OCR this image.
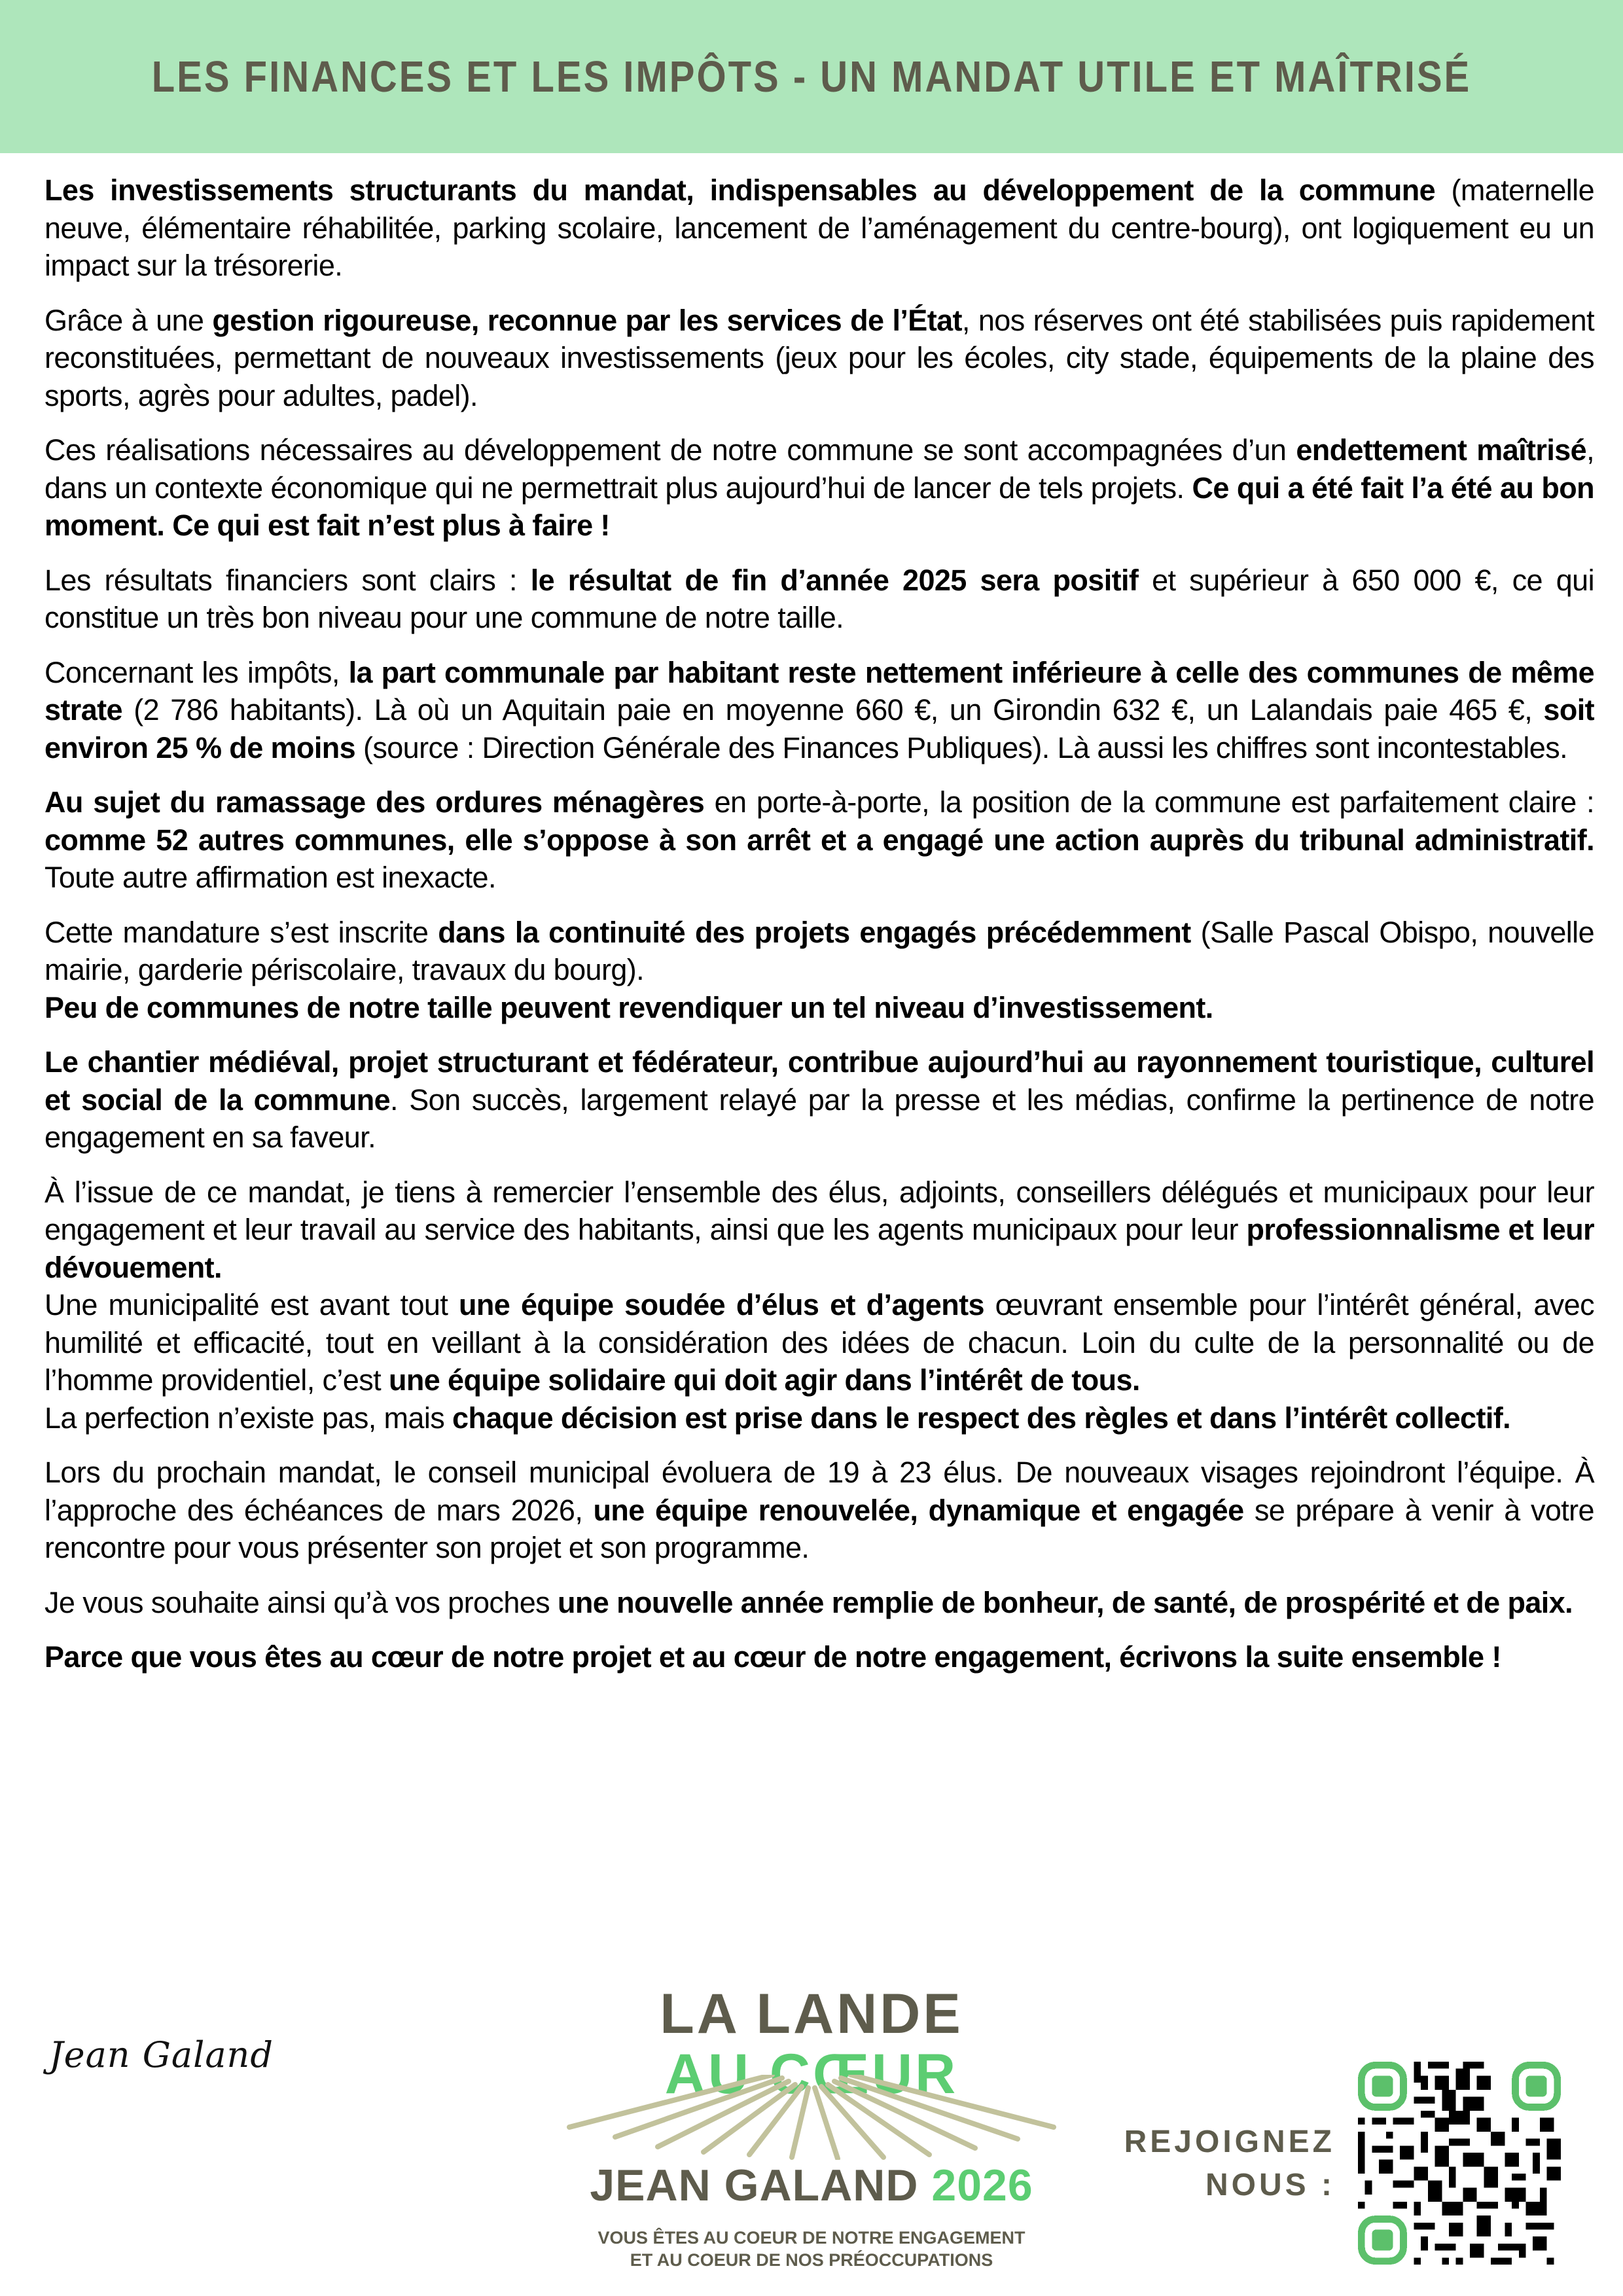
LES FINANCES ET LES IMPÔTS - UN MANDAT UTILE ET MAÎTRISÉ

Les investissements structurants du mandat, indispensables au développement de la commune (maternelle neuve, élémentaire réhabilitée, parking scolaire, lancement de l’aménagement du centre-bourg), ont logiquement eu un impact sur la trésorerie.

Grâce à une gestion rigoureuse, reconnue par les services de l’État, nos réserves ont été stabilisées puis rapidement reconstituées, permettant de nouveaux investissements (jeux pour les écoles, city stade, équipements de la plaine des sports, agrès pour adultes, padel).

Ces réalisations nécessaires au développement de notre commune se sont accompagnées d’un endettement maîtrisé, dans un contexte économique qui ne permettrait plus aujourd’hui de lancer de tels projets. Ce qui a été fait l’a été au bon moment. Ce qui est fait n’est plus à faire !

Les résultats financiers sont clairs : le résultat de fin d’année 2025 sera positif et supérieur à 650 000 €, ce qui constitue un très bon niveau pour une commune de notre taille.

Concernant les impôts, la part communale par habitant reste nettement inférieure à celle des communes de même strate (2 786 habitants). Là où un Aquitain paie en moyenne 660 €, un Girondin 632 €, un Lalandais paie 465 €, soit environ 25 % de moins (source : Direction Générale des Finances Publiques). Là aussi les chiffres sont incontestables.

Au sujet du ramassage des ordures ménagères en porte-à-porte, la position de la commune est parfaitement claire : comme 52 autres communes, elle s’oppose à son arrêt et a engagé une action auprès du tribunal administratif. Toute autre affirmation est inexacte.

Cette mandature s’est inscrite dans la continuité des projets engagés précédemment (Salle Pascal Obispo, nouvelle mairie, garderie périscolaire, travaux du bourg).
Peu de communes de notre taille peuvent revendiquer un tel niveau d’investissement.

Le chantier médiéval, projet structurant et fédérateur, contribue aujourd’hui au rayonnement touristique, culturel et social de la commune. Son succès, largement relayé par la presse et les médias, confirme la pertinence de notre engagement en sa faveur.

À l’issue de ce mandat, je tiens à remercier l’ensemble des élus, adjoints, conseillers délégués et municipaux pour leur engagement et leur travail au service des habitants, ainsi que les agents municipaux pour leur professionnalisme et leur dévouement.

Une municipalité est avant tout une équipe soudée d’élus et d’agents œuvrant ensemble pour l’intérêt général, avec humilité et efficacité, tout en veillant à la considération des idées de chacun. Loin du culte de la personnalité ou de l’homme providentiel, c’est une équipe solidaire qui doit agir dans l’intérêt de tous.

La perfection n’existe pas, mais chaque décision est prise dans le respect des règles et dans l’intérêt collectif.

Lors du prochain mandat, le conseil municipal évoluera de 19 à 23 élus. De nouveaux visages rejoindront l’équipe. À l’approche des échéances de mars 2026, une équipe renouvelée, dynamique et engagée se prépare à venir à votre rencontre pour vous présenter son projet et son programme.

Je vous souhaite ainsi qu’à vos proches une nouvelle année remplie de bonheur, de santé, de prospérité et de paix.

Parce que vous êtes au cœur de notre projet et au cœur de notre engagement, écrivons la suite ensemble !

Jean Galand
LA LANDE
AU CŒUR
JEAN GALAND 2026
VOUS ÊTES AU COEUR DE NOTRE ENGAGEMENT
ET AU COEUR DE NOS PRÉOCCUPATIONS
REJOIGNEZ
NOUS :
